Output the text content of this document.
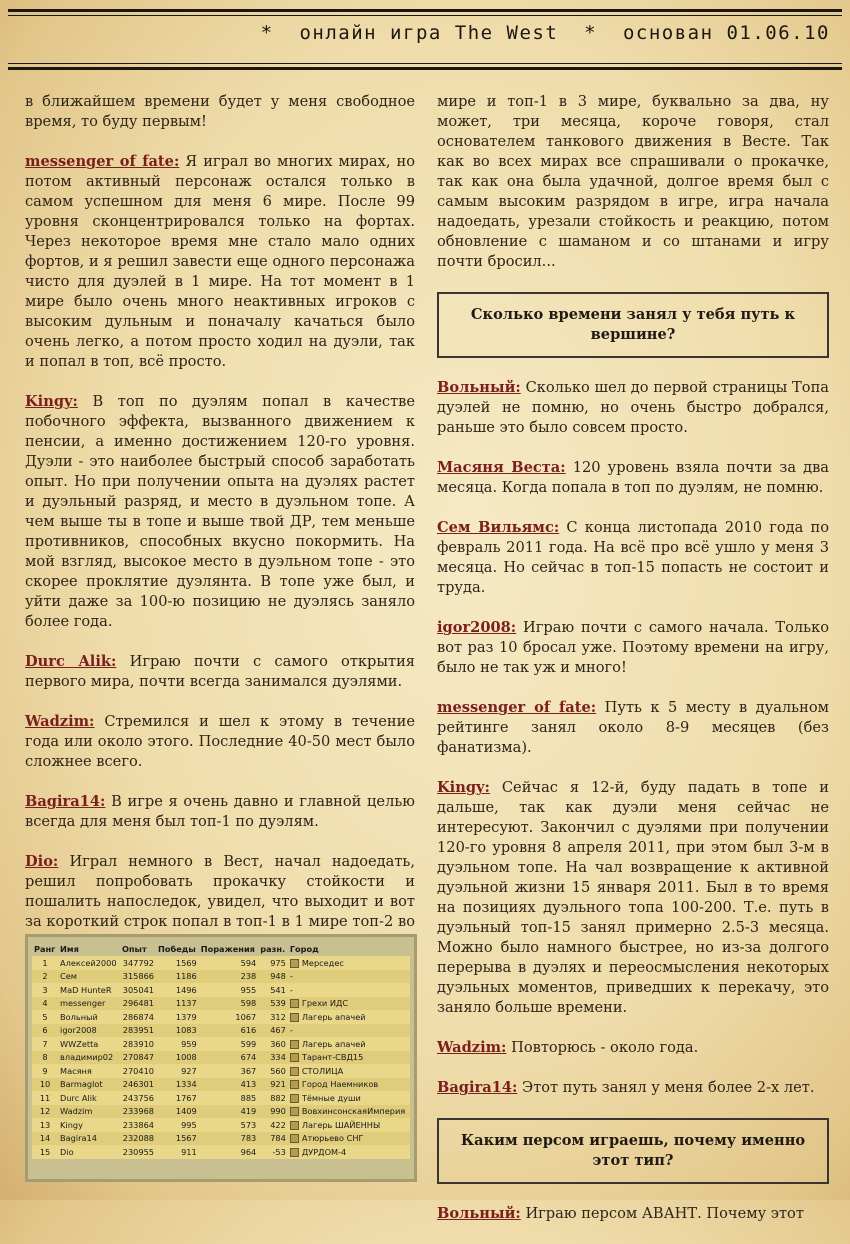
*  онлайн игра The West  *  основан 01.06.10

в ближайшем времени будет у меня свободное время, то буду первым!

messenger of fate: Я играл во многих мирах, но потом активный персонаж остался только в самом успешном для меня 6 мире. После 99 уровня сконцентрировался только на фортах. Через некоторое время мне стало мало одних фортов, и я решил завести еще одного персонажа чисто для дуэлей в 1 мире. На тот момент в 1 мире было очень много неактивных игроков с высоким дульным и поначалу качаться было очень легко, а потом просто ходил на дуэли, так и попал в топ, всё просто.

Kingy: В топ по дуэлям попал в качестве побочного эффекта, вызванного движением к пенсии, а именно достижением 120-го уровня. Дуэли - это наиболее быстрый способ заработать опыт. Но при получении опыта на дуэлях растет и дуэльный разряд, и место в дуэльном топе. А чем выше ты в топе и выше твой ДР, тем меньше противников, способных вкусно покормить. На мой взгляд, высокое место в дуэльном топе - это скорее проклятие дуэлянта. В топе уже был, и уйти даже за 100-ю позицию не дуэлясь заняло более года.

Durc Alik: Играю почти с самого открытия первого мира, почти всегда занимался дуэлями.

Wadzim: Стремился и шел к этому в течение года или около этого. Последние 40-50 мест было сложнее всего.

Bagira14: В игре я очень давно и главной целью всегда для меня был топ-1 по дуэлям.

Dio: Играл немного в Вест, начал надоедать, решил попробовать прокачку стойкости и пошалить напоследок, увидел, что выходит и вот за короткий строк попал в топ-1 в 1 мире топ-2 во

мире и топ-1 в 3 мире, буквально за два, ну может, три месяца, короче говоря, стал основателем танкового движения в Весте. Так как во всех мирах все спрашивали о прокачке, так как она была удачной, долгое время был с самым высоким разрядом в игре, игра начала надоедать, урезали стойкость и реакцию, потом обновление с шаманом и со штанами и игру почти бросил...

Сколько времени занял у тебя путь к вершине?

Вольный: Сколько шел до первой страницы Топа дуэлей не помню, но очень быстро добрался, раньше это было совсем просто.

Масяня Веста: 120 уровень взяла почти за два месяца. Когда попала в топ по дуэлям, не помню.

Сем Вильямс: С конца листопада 2010 года по февраль 2011 года. На всё про всё ушло у меня 3 месяца. Но сейчас в топ-15 попасть не состоит и труда.

igor2008: Играю почти с самого начала. Только вот раз 10 бросал уже. Поэтому времени на игру, было не так уж и много!

messenger of fate: Путь к 5 месту в дуальном рейтинге занял около 8-9 месяцев (без фанатизма).

Kingy: Сейчас я 12-й, буду падать в топе и дальше, так как дуэли меня сейчас не интересуют. Закончил с дуэлями при получении 120-го уровня 8 апреля 2011, при этом был 3-м в дуэльном топе. На чал возвращение к активной дуэльной жизни 15 января 2011. Был в то время на позициях дуэльного топа 100-200. Т.е. путь в дуэльный топ-15 занял примерно 2.5-3 месяца. Можно было намного быстрее, но из-за долгого перерыва в дуэлях и переосмысления некоторых дуэльных моментов, приведших к перекачу, это заняло больше времени.

Wadzim: Повторюсь - около года.

Bagira14: Этот путь занял у меня более 2-х лет.

Каким персом играешь, почему именно этот тип?

Вольный: Играю персом АВАНТ. Почему этот

Ранг	Имя	Опыт	Победы	Поражения	разн.	Город
1	Алексей2000	347792	1569	594	975	Мерседес
2	Сем	315866	1186	238	948	-
3	MaD HunteR	305041	1496	955	541	-
4	messenger	296481	1137	598	539	Грехи ИДС
5	Вольный	286874	1379	1067	312	Лагерь апачей
6	igor2008	283951	1083	616	467	-
7	WWZetta	283910	959	599	360	Лагерь апачей
8	владимир02	270847	1008	674	334	Тарант-СВД15
9	Масяня	270410	927	367	560	СТОЛИЦА
10	Barmaglot	246301	1334	413	921	Город Наемников
11	Durc Alik	243756	1767	885	882	Тёмные души
12	Wadzim	233968	1409	419	990	ВовхинсонскаяИмперия
13	Kingy	233864	995	573	422	Лагерь ШАЙЕННЫ
14	Bagira14	232088	1567	783	784	Атюрьево СНГ
15	Dio	230955	911	964	-53	ДУРДОМ-4
